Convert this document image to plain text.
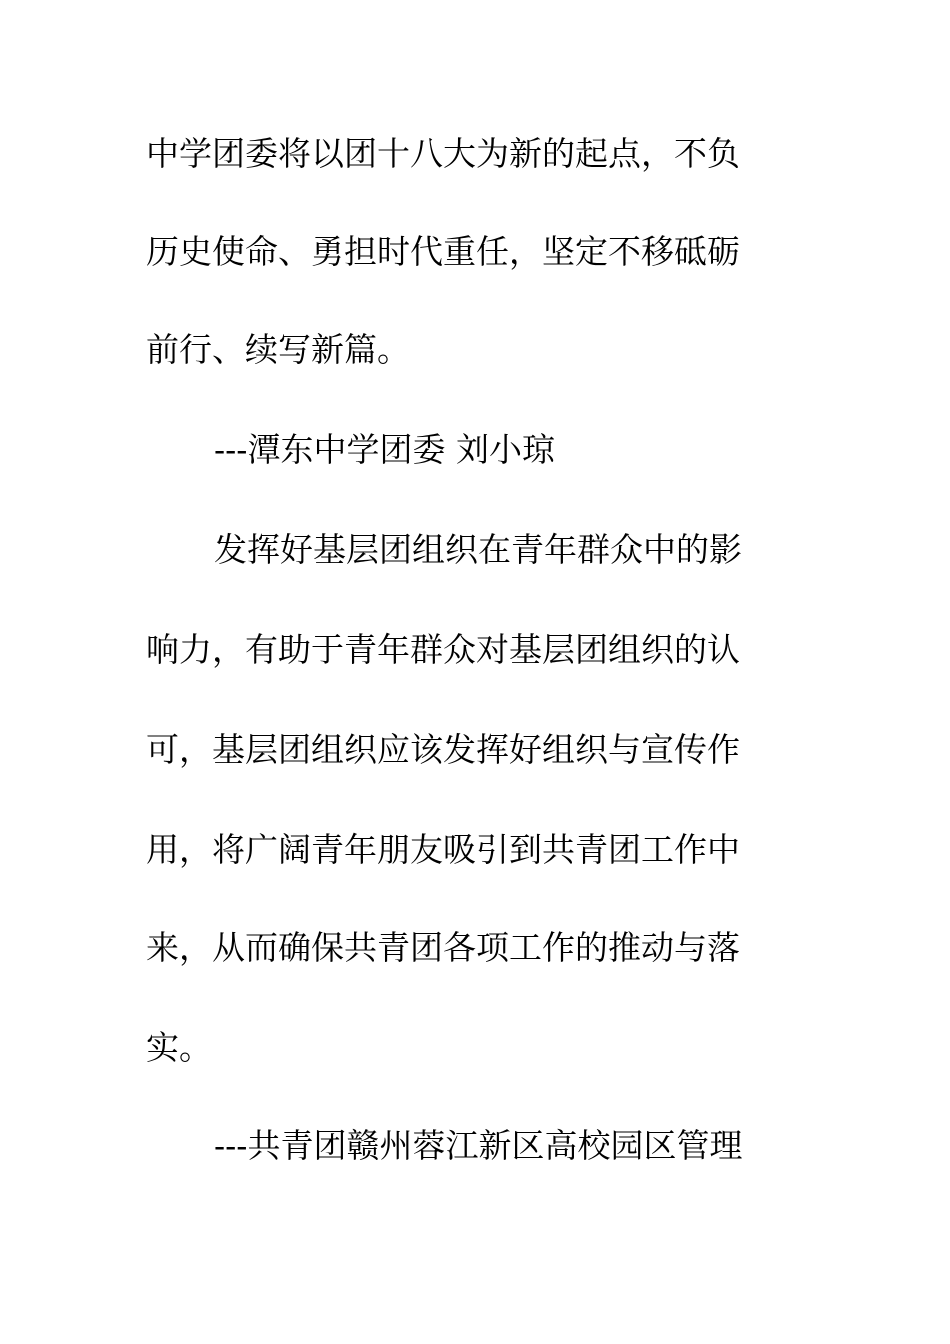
中学团委将以团十八大为新的起点，不负
历史使命、勇担时代重任，坚定不移砥砺
前行、续写新篇。
---潭东中学团委 刘小琼
发挥好基层团组织在青年群众中的影
响力，有助于青年群众对基层团组织的认
可，基层团组织应该发挥好组织与宣传作
用，将广阔青年朋友吸引到共青团工作中
来，从而确保共青团各项工作的推动与落
实。
---共青团赣州蓉江新区高校园区管理
